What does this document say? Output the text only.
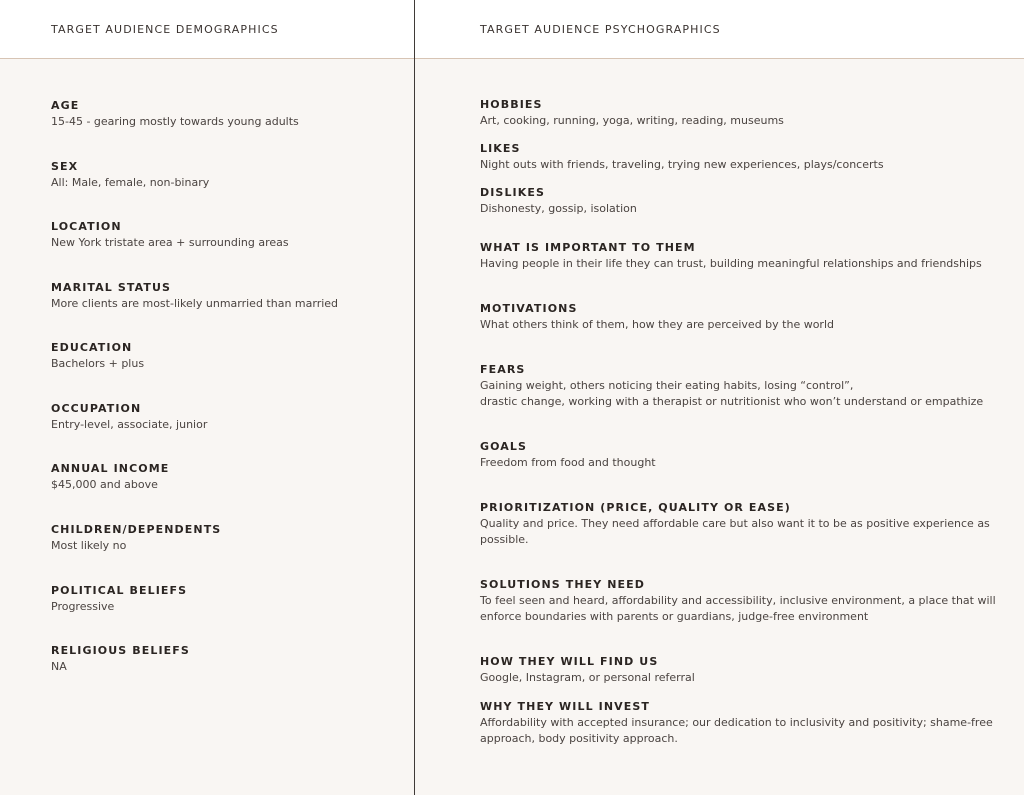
TARGET AUDIENCE DEMOGRAPHICS	TARGET AUDIENCE PSYCHOGRAPHICS
AGE
15-45 - gearing mostly towards young adults
SEX
All: Male, female, non-binary
LOCATION
New York tristate area + surrounding areas
MARITAL STATUS
More clients are most-likely unmarried than married
EDUCATION
Bachelors + plus
OCCUPATION
Entry-level, associate, junior
ANNUAL INCOME
$45,000 and above
CHILDREN/DEPENDENTS
Most likely no
POLITICAL BELIEFS
Progressive
RELIGIOUS BELIEFS
NA
HOBBIES
Art, cooking, running, yoga, writing, reading, museums
LIKES
Night outs with friends, traveling, trying new experiences, plays/concerts
DISLIKES
Dishonesty, gossip, isolation
WHAT IS IMPORTANT TO THEM
Having people in their life they can trust, building meaningful relationships and friendships
MOTIVATIONS
What others think of them, how they are perceived by the world
FEARS
Gaining weight, others noticing their eating habits, losing “control”,
drastic change, working with a therapist or nutritionist who won’t understand or empathize
GOALS
Freedom from food and thought
PRIORITIZATION (PRICE, QUALITY OR EASE)
Quality and price. They need affordable care but also want it to be as positive experience as
possible.
SOLUTIONS THEY NEED
To feel seen and heard, affordability and accessibility, inclusive environment, a place that will
enforce boundaries with parents or guardians, judge-free environment
HOW THEY WILL FIND US
Google, Instagram, or personal referral
WHY THEY WILL INVEST
Affordability with accepted insurance; our dedication to inclusivity and positivity; shame-free
approach, body positivity approach.
